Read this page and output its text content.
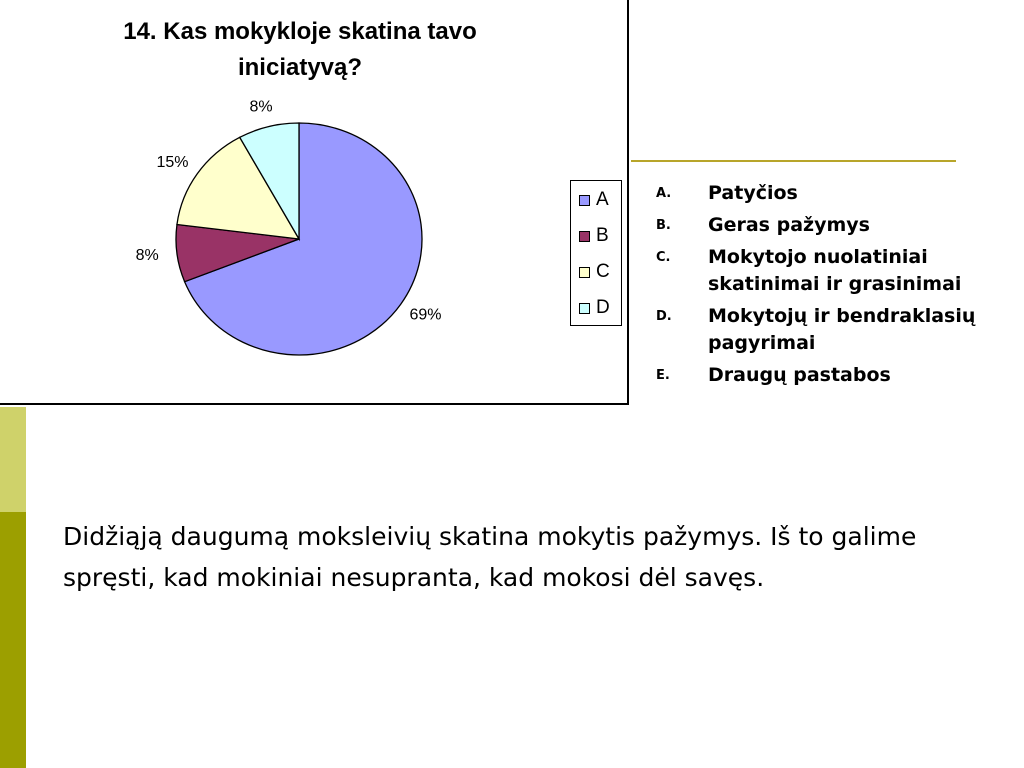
14. Kas mokykloje skatina tavo iniciatyvą?
69%
8%
15%
8%
A
B
C
D
A.	Patyčios
B.	Geras pažymys
C.	Mokytojo nuolatiniai skatinimai ir grasinimai
D.	Mokytojų ir bendraklasių pagyrimai
E.	Draugų pastabos

Didžiąją daugumą moksleivių skatina mokytis pažymys. Iš to galime spręsti, kad mokiniai nesupranta, kad mokosi dėl savęs.
